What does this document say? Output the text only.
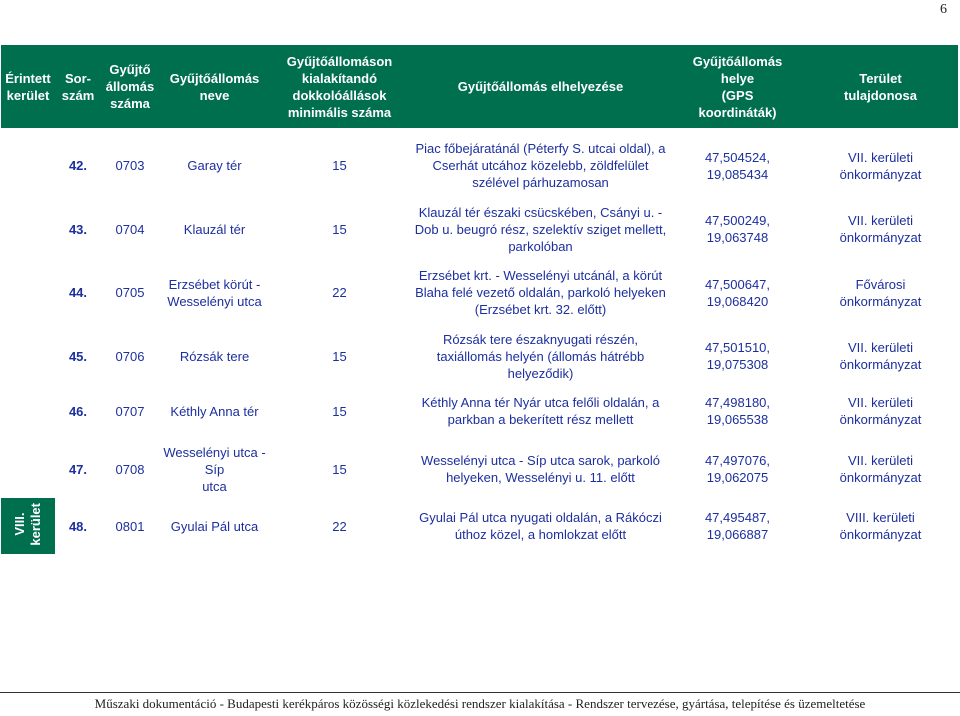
6
Érintett
kerület	Sor-
szám	Gyűjtő
állomás
száma	Gyűjtőállomás neve	Gyűjtőállomáson
kialakítandó
dokkolóállások
minimális száma	Gyűjtőállomás elhelyezése	Gyűjtőállomás
helye
(GPS
koordináták)	Terület
tulajdonosa

	42.	0703	Garay tér	15	Piac főbejáratánál (Péterfy S. utcai oldal), a Cserhát utcához közelebb, zöldfelület szélével párhuzamosan	47,504524,
19,085434	VII. kerületi
önkormányzat

	43.	0704	Klauzál tér	15	Klauzál tér északi csücskében, Csányi u. - Dob u. beugró rész, szelektív sziget mellett, parkolóban	47,500249,
19,063748	VII. kerületi
önkormányzat
	44.	0705	Erzsébet körút -
Wesselényi utca	22	Erzsébet krt. - Wesselényi utcánál, a körút Blaha felé vezető oldalán, parkoló helyeken (Erzsébet krt. 32. előtt)	47,500647,
19,068420	Fővárosi
önkormányzat
	45.	0706	Rózsák tere	15	Rózsák tere északnyugati részén, taxiállomás helyén (állomás hátrébb helyeződik)	47,501510,
19,075308	VII. kerületi
önkormányzat
	46.	0707	Kéthly Anna tér	15	Kéthly Anna tér Nyár utca felőli oldalán, a parkban a bekerített rész mellett	47,498180,
19,065538	VII. kerületi
önkormányzat
	47.	0708	Wesselényi utca - Síp
utca	15	Wesselényi utca - Síp utca sarok, parkoló helyeken, Wesselényi u. 11. előtt	47,497076,
19,062075	VII. kerületi
önkormányzat
VIII.
kerület	48.	0801	Gyulai Pál utca	22	Gyulai Pál utca nyugati oldalán, a Rákóczi úthoz közel, a homlokzat előtt	47,495487,
19,066887	VIII. kerületi
önkormányzat
Műszaki dokumentáció - Budapesti kerékpáros közösségi közlekedési rendszer kialakítása - Rendszer tervezése, gyártása, telepítése és üzemeltetése
